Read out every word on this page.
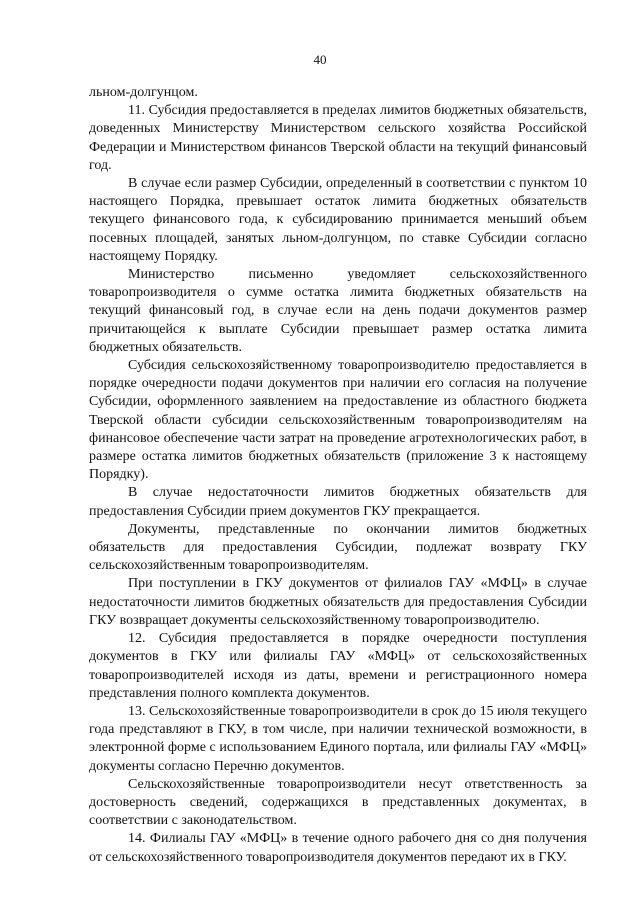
40

льном-долгунцом.

11. Субсидия предоставляется в пределах лимитов бюджетных обязательств, доведенных Министерству Министерством сельского хозяйства Российской Федерации и Министерством финансов Тверской области на текущий финансовый год.

В случае если размер Субсидии, определенный в соответствии с пунктом 10 настоящего Порядка, превышает остаток лимита бюджетных обязательств текущего финансового года, к субсидированию принимается меньший объем посевных площадей, занятых льном-долгунцом, по ставке Субсидии согласно настоящему Порядку.

Министерство письменно уведомляет сельскохозяйственного товаропроизводителя о сумме остатка лимита бюджетных обязательств на текущий финансовый год, в случае если на день подачи документов размер причитающейся к выплате Субсидии превышает размер остатка лимита бюджетных обязательств.

Субсидия сельскохозяйственному товаропроизводителю предоставляется в порядке очередности подачи документов при наличии его согласия на получение Субсидии, оформленного заявлением на предоставление из областного бюджета Тверской области субсидии сельскохозяйственным товаропроизводителям на финансовое обеспечение части затрат на проведение агротехнологических работ, в размере остатка лимитов бюджетных обязательств (приложение 3 к настоящему Порядку).

В случае недостаточности лимитов бюджетных обязательств для предоставления Субсидии прием документов ГКУ прекращается.

Документы, представленные по окончании лимитов бюджетных обязательств для предоставления Субсидии, подлежат возврату ГКУ сельскохозяйственным товаропроизводителям.

При поступлении в ГКУ документов от филиалов ГАУ «МФЦ» в случае недостаточности лимитов бюджетных обязательств для предоставления Субсидии ГКУ возвращает документы сельскохозяйственному товаропроизводителю.

12. Субсидия предоставляется в порядке очередности поступления документов в ГКУ или филиалы ГАУ «МФЦ» от сельскохозяйственных товаропроизводителей исходя из даты, времени и регистрационного номера представления полного комплекта документов.

13. Сельскохозяйственные товаропроизводители в срок до 15 июля текущего года представляют в ГКУ, в том числе, при наличии технической возможности, в электронной форме с использованием Единого портала, или филиалы ГАУ «МФЦ» документы согласно Перечню документов.

Сельскохозяйственные товаропроизводители несут ответственность за достоверность сведений, содержащихся в представленных документах, в соответствии с законодательством.

14. Филиалы ГАУ «МФЦ» в течение одного рабочего дня со дня получения от сельскохозяйственного товаропроизводителя документов передают их в ГКУ.
